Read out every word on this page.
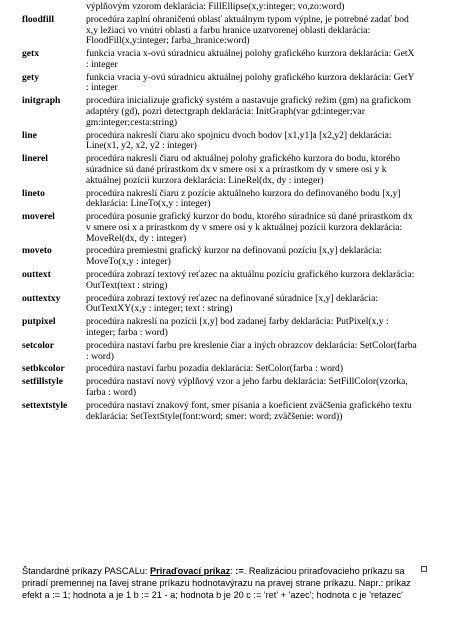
výplňovým vzorom deklarácia: FillEllipse(x,y:integer; vo,zo:word)
floodfill	procedúra zaplní ohraničenú oblasť aktuálnym typom výplne, je potrebné zadať bod x,y ležiaci vo vnútri oblasti a farbu hranice uzatvorenej oblasti deklarácia: FloodFill(x,y:integer; farba_hranice:word)
getx	funkcia vracia x-ovú súradnicu aktuálnej polohy grafického kurzora deklarácia: GetX : integer
gety	funkcia vracia y-ovú súradnicu aktuálnej polohy grafického kurzora deklarácia: GetY : integer
initgraph	procedúra inicializuje grafický systém a nastavuje grafický režim (gm) na grafickom adaptéry (gd), pozri detectgraph deklarácia: InitGraph(var gd:integer;var gm:integer;cesta:string)
line	procedúra nakreslí čiaru ako spojnicu dvoch bodov [x1,y1]a [x2,y2] deklarácia: Line(x1, y2, x2, y2 : integer)
linerel	procedúra nakreslí čiaru od aktuálnej polohy grafického kurzora do bodu, ktorého súradnice sú dané prírastkom dx v smere osi x a prírastkom dy v smere osi y k aktuálnej pozícii kurzora deklarácia: LineRel(dx, dy : integer)
lineto	procedúra nakreslí čiaru z pozície aktuálneho kurzora do definovaného bodu [x,y] deklarácia: LineTo(x,y : integer)
moverel	procedúra posunie grafický kurzor do bodu, ktorého súradnice sú dané prírastkom dx v smere osi x a prírastkom dy v smere osi y k aktuálnej pozícii kurzora deklarácia: MoveRel(dx, dy : integer)
moveto	procedúra premiestni grafický kurzor na definovanú pozíciu [x,y] deklarácia: MoveTo(x,y : integer)
outtext	procedúra zobrazí textový reťazec na aktuálnu pozíciu grafického kurzora deklarácia: OutText(text : string)
outtextxy	procedúra zobrazí textový reťazec na definované súradnice [x,y] deklarácia: OutTextXY(x,y : integer; text : string)
putpixel	procedúra nakreslí na pozícii [x,y] bod zadanej farby deklarácia: PutPixel(x,y : integer; farba : word)
setcolor	procedúra nastaví farbu pre kreslenie čiar a iných obrazcov deklarácia: SetColor(farba : word)
setbkcolor	procedúra nastaví farbu pozadia deklarácia: SetColor(farba : word)
setfillstyle	procedúra nastaví nový výplňový vzor a jeho farbu deklarácia: SetFillColor(vzorka, farba : word)
settextstyle	procedúra nastaví znakový font, smer písania a koeficient zväčšenia grafického textu deklarácia: SetTextStyle(font:word; smer: word; zväčšenie: word))
Štandardné príkazy PASCALu: Priraďovací príkaz: :=. Realizáciou priraďovacieho príkazu sa priradí premennej na ľavej strane príkazu hodnotavýrazu na pravej strane príkazu. Napr.: príkaz efekt a := 1; hodnota a je 1 b := 21 - a; hodnota b je 20 c := 'ret' + 'azec'; hodnota c je 'retazec'
